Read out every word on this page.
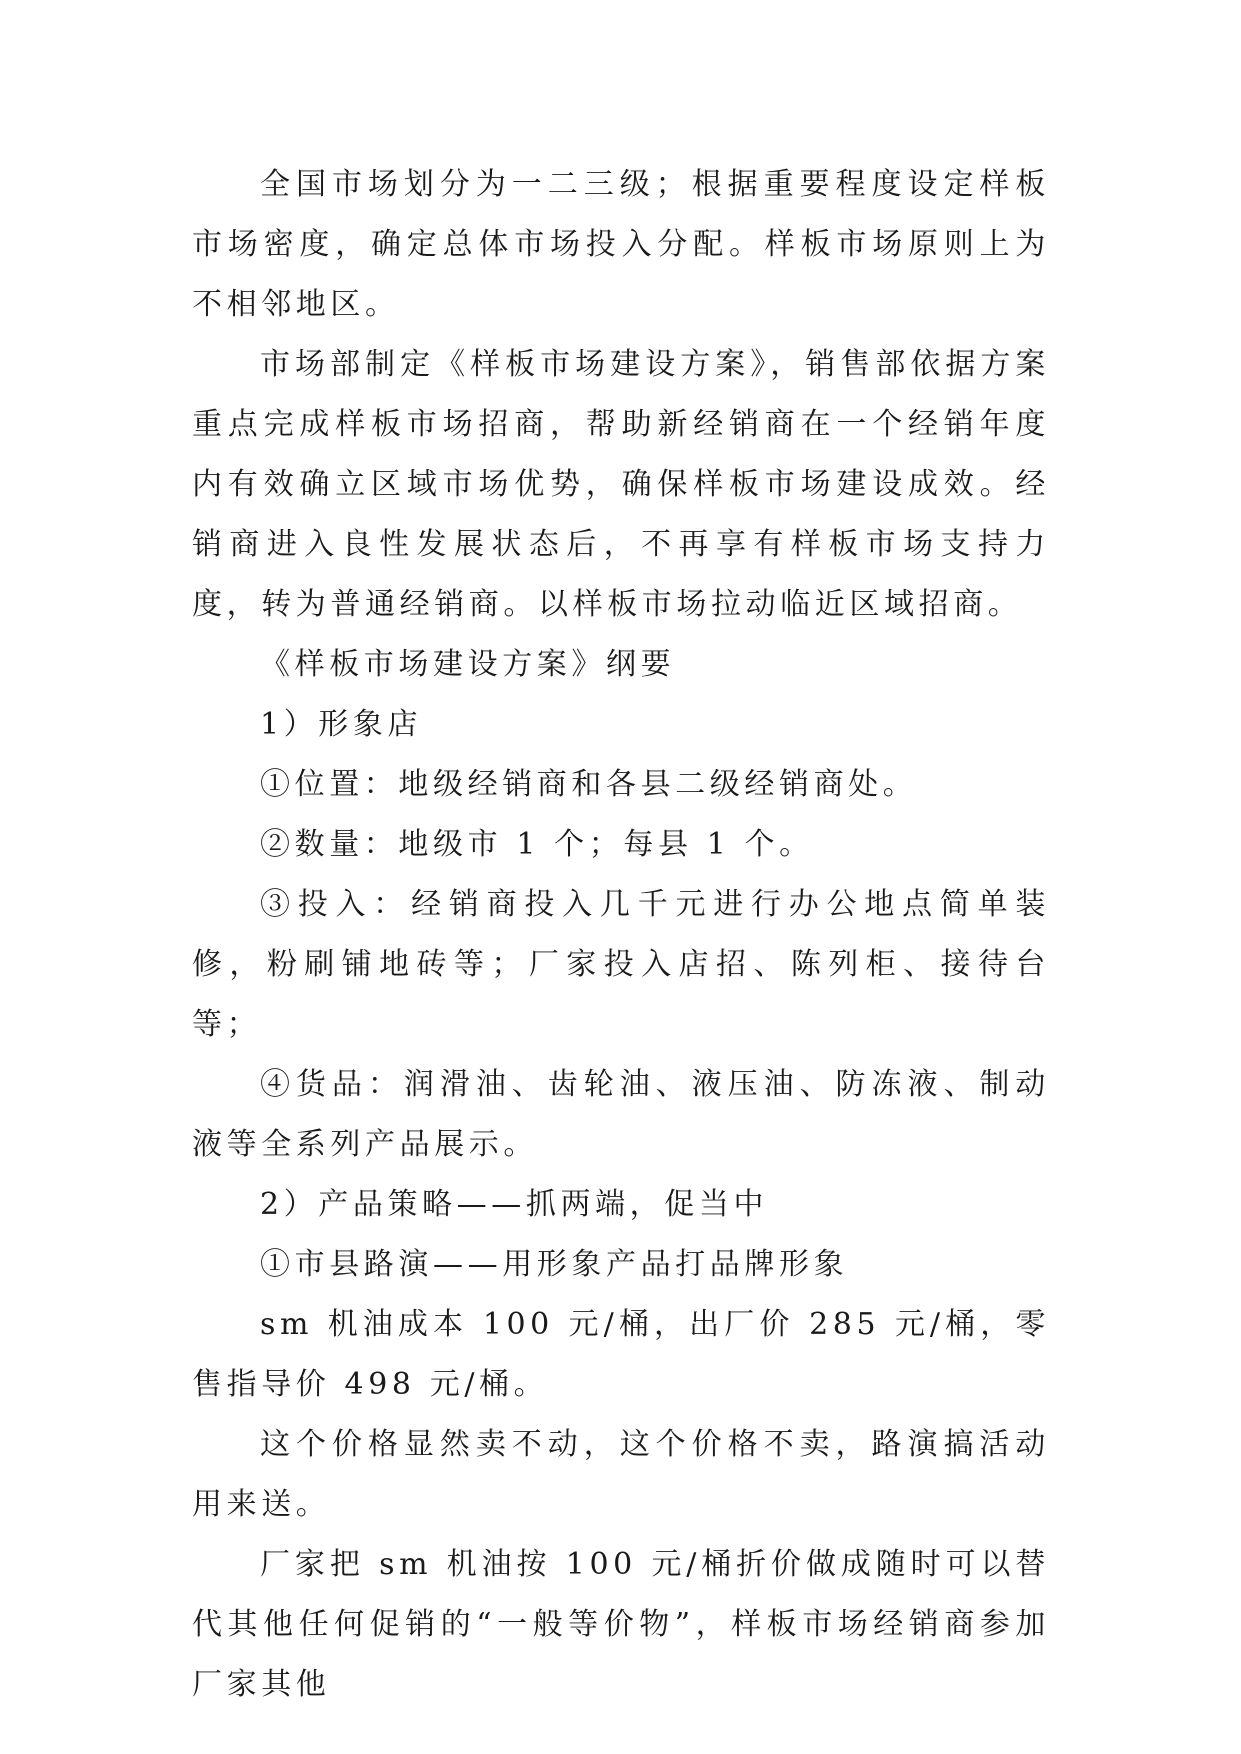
全国市场划分为一二三级；根据重要程度设定样板市场密度，确定总体市场投入分配。样板市场原则上为不相邻地区。

市场部制定《样板市场建设方案》，销售部依据方案重点完成样板市场招商，帮助新经销商在一个经销年度内有效确立区域市场优势，确保样板市场建设成效。经销商进入良性发展状态后，不再享有样板市场支持力度，转为普通经销商。以样板市场拉动临近区域招商。

《样板市场建设方案》纲要

1）形象店

①位置：地级经销商和各县二级经销商处。

②数量：地级市 1 个；每县 1 个。

③投入：经销商投入几千元进行办公地点简单装修，粉刷铺地砖等；厂家投入店招、陈列柜、接待台等；

④货品：润滑油、齿轮油、液压油、防冻液、制动液等全系列产品展示。

2）产品策略——抓两端，促当中

①市县路演——用形象产品打品牌形象

sm 机油成本 100 元/桶，出厂价 285 元/桶，零售指导价 498 元/桶。

这个价格显然卖不动，这个价格不卖，路演搞活动用来送。

厂家把 sm 机油按 100 元/桶折价做成随时可以替代其他任何促销的“一般等价物”，样板市场经销商参加厂家其他
